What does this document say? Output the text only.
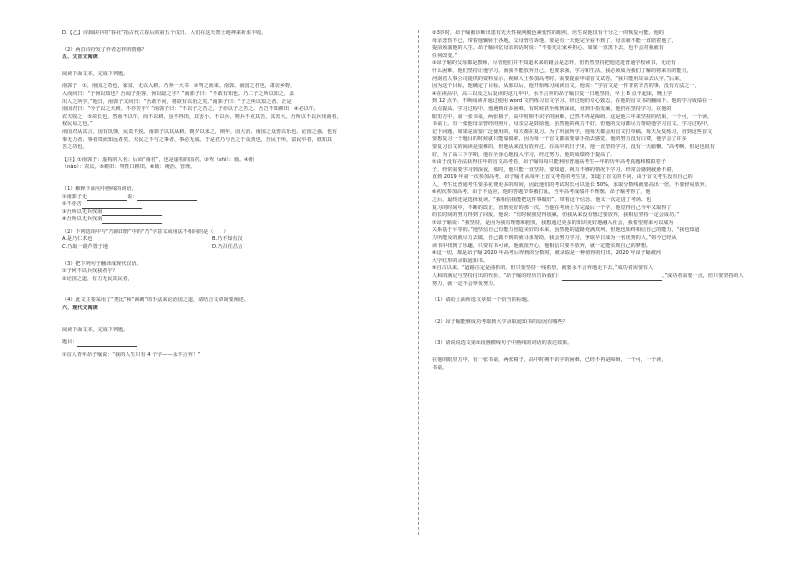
D.【乙】诗颈联中的“春社”指古代立春后的第五个戊日，人们在这天祭土地神来祈求丰收。
（2）两首诗抒发了作者怎样的情感？
五、文言文阅读
阅读下面文本，完成下列题。
南郭子　①，南国之奇也，家贫，无以入耕，乃奔一大书　②驾之而来。南郭、南国之君也，肃访乡野，
入而问曰：“子何以知也？吾闻子拒客，何以隐之乎？”南郭子曰：“不敢有知也。乃二子之所以知之，盖
出人之所学。”他日，南郭子又问曰：“吾敢不问，将欲有以语之矣。”南郭子曰：“子之所以知之者，正是
南国君曰：“今子以之天耕，不亦苦乎？”南郭子曰：“不以子之苦之，子亦以子之苦之。吾岂不知耕田　④必以牛，
农夫收之　⑤苗长也，然而不以牛，而不以耕，虽不得田，其害小，不以兵，则兵不克其苦，其害大。吾所以不以兵伐南者，
权民易之也。”
南国君从其言，国有饥馑，民莫不悦。南郭子以其从耕，朝夕以求之，期年，国大治，南国之众皆以乐也。论国之强，也有
事无力者，事者贵而知远者矣，夫民之不与之事者，事必无成。于是君乃与吾之于众善也，吾民于所，富民中者，谁知其
苦之功也。
【注】①南郭子：虚构的人名；后面“南君”，也是虚构的国君。③驾（shì）：骑。④耜
（nào）：农具。⑤耕田：驾牲口耕田。⑥致：统治、管理。
（1）解释下面句中画线的词语。
①南郭子无	说：
②不亦苦
③吾所以无兵伐南
④吾所以无兵伐南
（2）下列选项中与“乃除田野”中的“乃”字意义或用法不相同的是（　　）
A.是乃仁术也	B.乃不知有汉
C.乃取一葫芦置于地	D.乃召任昌言
（3）把下列句子翻译成现代汉语。
①子何不以兵伐我者乎？
②论国之道，有力无民其民者，
（4）此文主要采用了“类比”和“讽刺”的手法来论治国之道，请结合文章简要阐述。
六、现代文阅读
阅读下面文本，完成下列题。
题目：
①盲人青年昂子喻说：“我的人生只有 4 个字——永不言弃！”
②3岁时，昂子喻被诊断出患有先天性视网膜色素变性的眼疾，医生说他仅有千分之一的恢复可能，他的
母亲悲伤不已，带着他辗转于各地。父母曾告诉他，要是有一天他完全看不到了，母亲就不能一直陪着他了，
提前预演他的人生。昂子喻回忆母亲的话时说：“不要先让家乡担心，如果一直黑下去，也不会对我就有
任何改变。”
③昂子喻的父母都是教师，尽管他们并不知道未来的路会是怎样，但仍然坚持把他送进普通学校读书，无论有
什么困难，他们坚持让他学习。而我不能放弃自己，也要求我，学习和生活，我必须成为我们了解的将来有的能力，
河南省人事公司提供的资料显示，视障人士参加高考时，需要提前申请盲文试卷。“我只能用耳朵去认字。”后来，
因为这个目标，他确定了目标。从那以后，他开始练习阅读盲文。他说：“学盲文是一件非常辛苦的事，没有方法之一，
④在读高中，高三以及之后复读的这几年中，水不言弃的昂子喻日复一日地坚持，早上 6 点半起床，晚上学
到 12 点半，不断阅读并通过使用 word 文档练习盲文学习。经过他的专心致志，在他的盲文书的翻阅下，他的学习成绩在一
点点提高。学习过程中，他遇到许多困难，有时候甚至练到深夜，直到手指发麻，他仍在坚持学习。在他的
眼里方中，第一张书桌，两张椅子，高中时期不识字的困难，已然不再是障碍。这是他三年来坚持的结果，一个可，一个读，
书桌上，有一张他母亲曾经的照片，母亲总是鼓励他，虽然他的视力不好，但他的父母都尽力帮助他学习盲文。学习过程中，
记下问题，如果是需要广泛使用的，每天都在复习。为了巩固所学，他每天都会用盲文打草稿，每天反复练习，直到这些盲文
要想复习一个题目的时候就只能靠摸索，因为每一个盲文都需要靠手指去感觉，他的努力没有白费，他学会了许多
要复习盲文的阅读是很难的，但他从来没有放弃过。在高中的日子里，他一直坚持学习，没有一天偷懒。“高考啊，但是也很有
好，为了高三下学期，他在全身心地投入学习，经过努力，他的成绩终于提高了。
⑤由于没有办法获得往年的盲文高考卷，昂子喻每每只能利用普通高考生—年的历年高考真题和模拟卷子
子，经常需要学习到深夜，那时，他只能一直坚持，要知道，视力不够的情况下学习，经常会感到疲惫不堪，
直到 2019 年第一次参加高考，昂子喻才从每年上盲文考卷的考生里，知道了盲文的不同，由于盲文考生没有自己的
人，考生比普通考生要多花费更多的时间，因此他们的考试时长可以延长 50%，求取分数线就要高出一倍，不要轻易放弃。
⑥初次参加高考，由于不适应，他的答题节奏被打乱，当年高考成绩并不理想，昂子喻考得了，他
之后，最终还是选择复读。“我相信我能把这件事做好”，带着这个信念，他又一次走进了考场。也
复习的时间中，不断的改正，直到更好的那一次，当他在考场上写完最后一个字，他觉得自己今年又取得了
的长时间的努力得到了回报，他说：“有时候我觉得很累，但我从来没有想过要放弃，我相信坚持一定会成功。”
⑦昂子喻说：“我坚持，是因为我有理想和抱负，我想通过更多的知识更好地融入社会，我希望将来可以成为
关系基于平等的。”他坚信自己有能力创造美好的未来，虽然他的道路充满坎坷，但他也始终相信自己的能力，“我也知道
力所能及的就尽力去做，自己做不到的就寻求帮助。我会努力学习，争取早日成为一名优秀的人。”如今已经从
读书中找到了乐趣，只要有书可读，他就很开心，他相信只要不放弃，就一定能实现自己的梦想。
⑧这一切，都是昂子喻 2020 年高考后得到的分数时，被录取是一种值得的付出，2020 年昂子喻被河
大学红形的录取通知书。
⑨自古以来，“道路注定是曲折的，但只要坚持一线希望，就要永不言弃地走下去。”成功者需要有人
人和的满足与坚持付出的代价，“昂子喻的经历告诉我们：	。”成功者需要一点，但只要坚持的人
努力，就一定不会辜负努力。
（1）请给上面所选文章拟一个恰当的标题。
（2）昂子喻能够成功考取到大学录取通知书的原因有哪些？
（3）请说说选文第⑤段画横线句子中画线的词语的表达效果。
在他的眼里方中，有一张书桌，两张椅子，高中时期不识字的困难，已经不再是障碍，一个可，一个读，
书桌。
